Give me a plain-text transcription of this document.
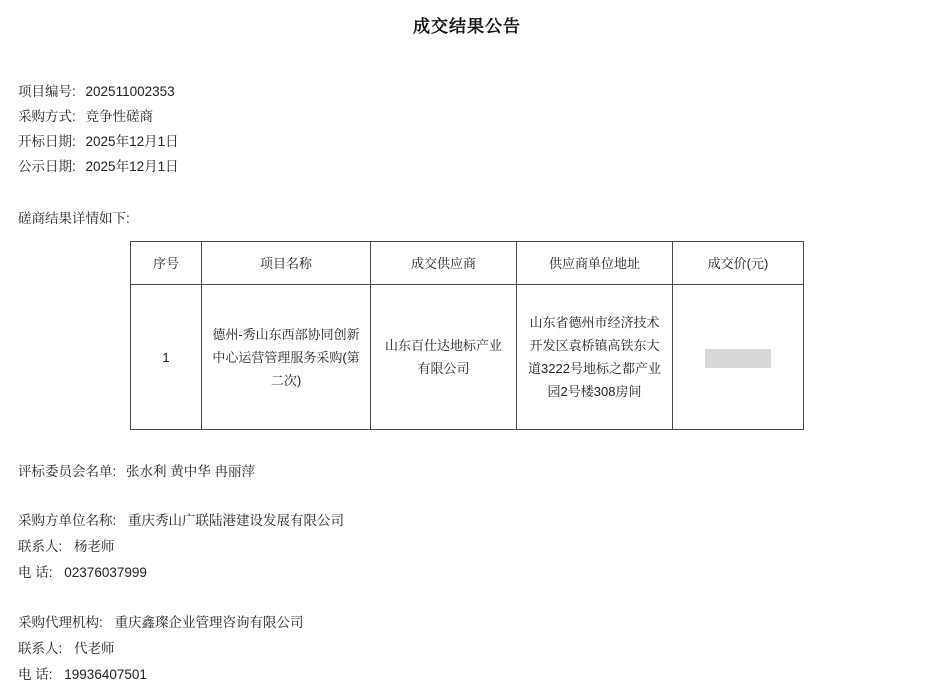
成交结果公告
项目编号: 202511002353
采购方式: 竞争性磋商
开标日期: 2025年12月1日
公示日期: 2025年12月1日
磋商结果详情如下:
序号	项目名称	成交供应商	供应商单位地址	成交价(元)
1	德州-秀山东西部协同创新中心运营管理服务采购(第二次)	山东百仕达地标产业有限公司	山东省德州市经济技术开发区袁桥镇高铁东大道3222号地标之都产业园2号楼308房间	
评标委员会名单: 张水利 黄中华 冉丽萍
采购方单位名称: 重庆秀山广联陆港建设发展有限公司
联系人: 杨老师
电 话: 02376037999
采购代理机构: 重庆鑫璨企业管理咨询有限公司
联系人: 代老师
电 话: 19936407501
